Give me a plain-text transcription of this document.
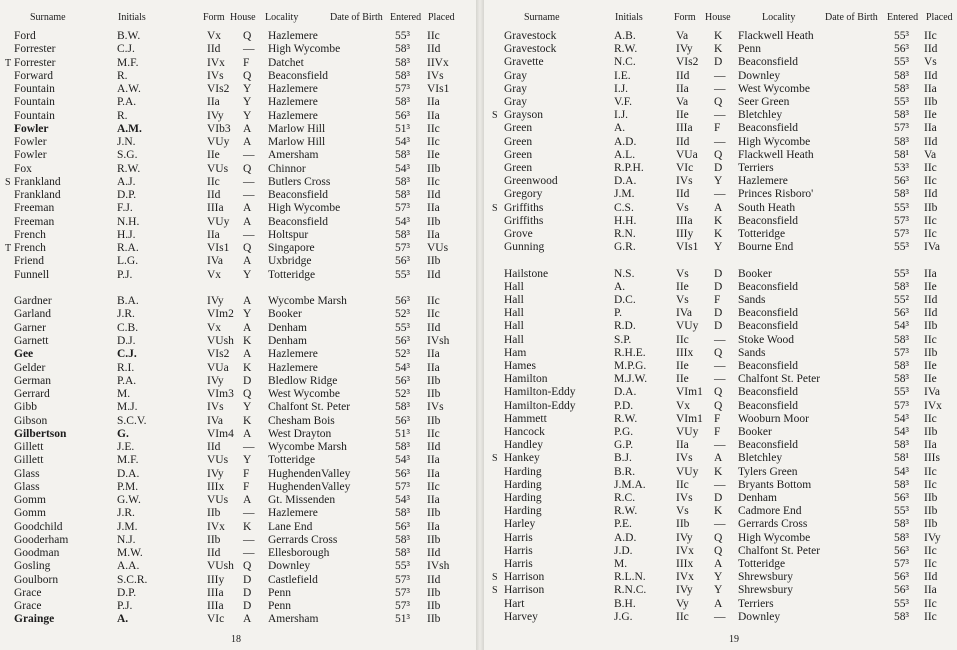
Surname	Initials	Form House Locality	Date of Birth Entered Placed
Ford	B.W.	Vx Q Hazlemere	55³ IIc
Forrester	C.J.	IId — High Wycombe	58³ IId
T Forrester	M.F.	IVx F Datchet	58³ IIVx
Forward	R.	IVs Q Beaconsfield	58³ IVs
Fountain	A.W.	VIs2 Y Hazlemere	57³ VIs1
Fountain	P.A.	IIa Y Hazlemere	58³ IIa
Fountain	R.	IVy Y Hazlemere	56³ IIa
Fowler	A.M.	VIb3 A Marlow Hill	51³ IIc
Fowler	J.N.	VUy A Marlow Hill	54³ IIc
Fowler	S.G.	IIe — Amersham	58³ IIe
Fox	R.W.	VUs Q Chinnor	54³ IIb
S Frankland	A.J.	IIc — Butlers Cross	58³ IIc
Frankland	D.P.	IId — Beaconsfield	58³ IId
Freeman	F.J.	IIIa A High Wycombe	57³ IIa
Freeman	N.H.	VUy A Beaconsfield	54³ IIb
French	H.J.	IIa — Holtspur	58³ IIa
T French	R.A.	VIs1 Q Singapore	57³ VUs
Friend	L.G.	IVa A Uxbridge	56³ IIb
Funnell	P.J.	Vx Y Totteridge	55³ IId
Gardner	B.A.	IVy A Wycombe Marsh	56³ IIc
Garland	J.R.	VIm2 Y Booker	52³ IIc
Garner	C.B.	Vx A Denham	55³ IId
Garnett	D.J.	VUsh K Denham	56³ IVsh
Gee	C.J.	VIs2 A Hazlemere	52³ IIa
Gelder	R.I.	VUa K Hazlemere	54³ IIa
German	P.A.	IVy D Bledlow Ridge	56³ IIb
Gerrard	M.	VIm3 Q West Wycombe	52³ IIb
Gibb	M.J.	IVs Y Chalfont St. Peter	58³ IVs
Gibson	S.C.V.	IVa K Chesham Bois	56³ IIb
Gilbertson	G.	VIm4 A West Drayton	51³ IIc
Gillett	J.E.	IId — Wycombe Marsh	58³ IId
Gillett	M.F.	VUs Y Totteridge	54³ IIa
Glass	D.A.	IVy F HughendenValley	56³ IIa
Glass	P.M.	IIIx F HughendenValley	57³ IIc
Gomm	G.W.	VUs A Gt. Missenden	54³ IIa
Gomm	J.R.	IIb — Hazlemere	58³ IIb
Goodchild	J.M.	IVx K Lane End	56³ IIa
Gooderham	N.J.	IIb — Gerrards Cross	58³ IIb
Goodman	M.W.	IId — Ellesborough	58³ IId
Gosling	A.A.	VUsh Q Downley	55³ IVsh
Goulborn	S.C.R.	IIIy D Castlefield	57³ IId
Grace	D.P.	IIIa D Penn	57³ IIb
Grace	P.J.	IIIa D Penn	57³ IIb
Grainge	A.	VIc A Amersham	51³ IIb
18
Surname	Initials	Form House	Locality	Date of Birth Entered Placed
Gravestock	A.B.	Va K Flackwell Heath	55³ IIc
Gravestock	R.W.	IVy K Penn	56³ IId
Gravette	N.C.	VIs2 D Beaconsfield	55³ Vs
Gray	I.E.	IId — Downley	58³ IId
Gray	I.J.	IIa — West Wycombe	58³ IIa
Gray	V.F.	Va Q Seer Green	55³ IIb
S Grayson	I.J.	IIe — Bletchley	58³ IIe
Green	A.	IIIa F Beaconsfield	57³ IIa
Green	A.D.	IId — High Wycombe	58³ IId
Green	A.L.	VUa Q Flackwell Heath	58¹ Va
Green	R.P.H.	VIc D Terriers	53³ IIc
Greenwood	D.A.	IVs Y Hazlemere	56³ IIc
Gregory	J.M.	IId — Princes Risboro'	58³ IId
S Griffiths	C.S.	Vs A South Heath	55³ IIb
Griffiths	H.H.	IIIa K Beaconsfield	57³ IIc
Grove	R.N.	IIIy K Totteridge	57³ IIc
Gunning	G.R.	VIs1 Y Bourne End	55³ IVa
Hailstone	N.S.	Vs D Booker	55³ IIa
Hall	A.	IIe D Beaconsfield	58³ IIe
Hall	D.C.	Vs F Sands	55² IId
Hall	P.	IVa D Beaconsfield	56³ IId
Hall	R.D.	VUy D Beaconsfield	54³ IIb
Hall	S.P.	IIc — Stoke Wood	58³ IIc
Ham	R.H.E.	IIIx Q Sands	57³ IIb
Hames	M.P.G.	IIe — Beaconsfield	58³ IIe
Hamilton	M.J.W.	IIe — Chalfont St. Peter	58³ IIe
Hamilton-Eddy	D.A.	VIm1 Q Beaconsfield	55³ IVa
Hamilton-Eddy	P.D.	Vx Q Beaconsfield	57³ IVx
Hammett	R.W.	VIm1 F Wooburn Moor	54³ IIc
Hancock	P.G.	VUy F Booker	54³ IIb
Handley	G.P.	IIa — Beaconsfield	58³ IIa
S Hankey	B.J.	IVs A Bletchley	58¹ IIIs
Harding	B.R.	VUy K Tylers Green	54³ IIc
Harding	J.M.A.	IIc — Bryants Bottom	58³ IIc
Harding	R.C.	IVs D Denham	56³ IIb
Harding	R.W.	Vs K Cadmore End	55³ IIb
Harley	P.E.	IIb — Gerrards Cross	58³ IIb
Harris	A.D.	IVy Q High Wycombe	58³ IVy
Harris	J.D.	IVx Q Chalfont St. Peter	56³ IIc
Harris	M.	IIIx A Totteridge	57³ IIc
S Harrison	R.L.N.	IVx Y Shrewsbury	56³ IId
S Harrison	R.N.C.	IVy Y Shrewsbury	56³ IIa
Hart	B.H.	Vy A Terriers	55³ IIc
Harvey	J.G.	IIc — Downley	58³ IIc
19
